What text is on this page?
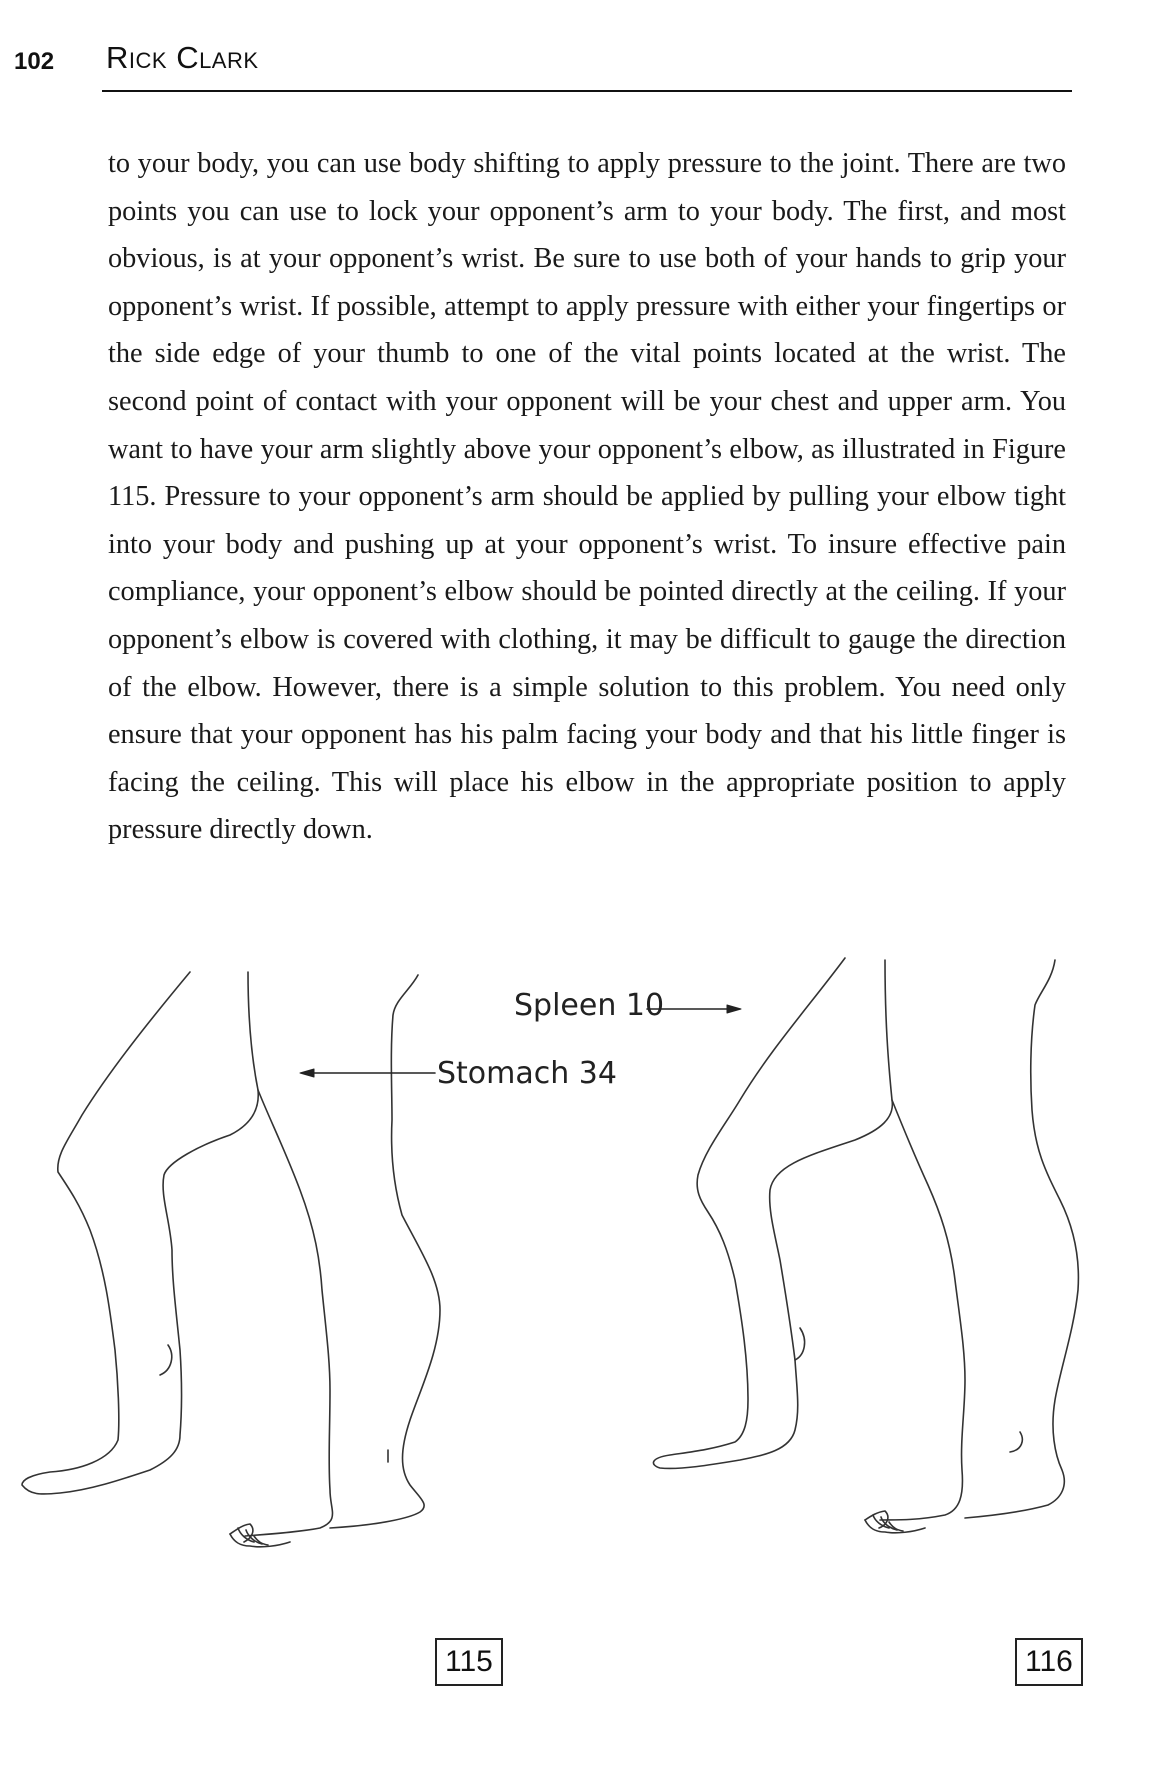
102 Rick Clark

to your body, you can use body shifting to apply pressure to the joint. There are two points you can use to lock your opponent’s arm to your body. The first, and most obvious, is at your opponent’s wrist. Be sure to use both of your hands to grip your opponent’s wrist. If possible, attempt to apply pressure with either your fingertips or the side edge of your thumb to one of the vital points located at the wrist. The second point of contact with your opponent will be your chest and upper arm. You want to have your arm slightly above your opponent’s elbow, as illustrated in Figure 115. Pressure to your opponent’s arm should be applied by pulling your elbow tight into your body and pushing up at your opponent’s wrist. To insure effective pain compliance, your opponent’s elbow should be pointed directly at the ceiling. If your opponent’s elbow is covered with clothing, it may be difficult to gauge the direction of the elbow. However, there is a simple solution to this problem. You need only ensure that your opponent has his palm facing your body and that his little finger is facing the ceiling. This will place his elbow in the appropriate position to apply pressure directly down.

Spleen 10
Stomach 34
115	116
